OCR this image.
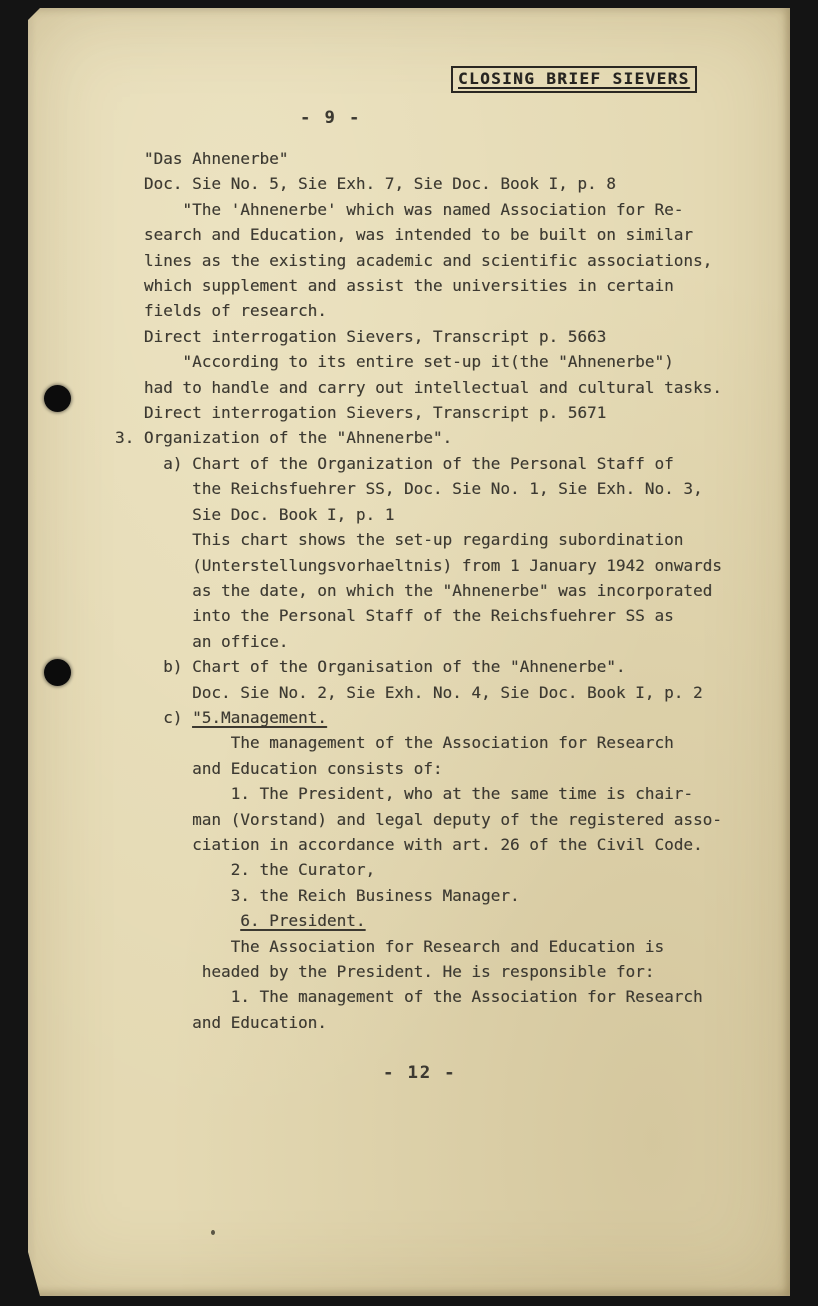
CLOSING BRIEF SIEVERS
- 9 -
"Das Ahnenerbe"
Doc. Sie No. 5, Sie Exh. 7, Sie Doc. Book I, p. 8
"The 'Ahnenerbe' which was named Association for Re-
search and Education, was intended to be built on similar
lines as the existing academic and scientific associations,
which supplement and assist the universities in certain
fields of research.
Direct interrogation Sievers, Transcript p. 5663
"According to its entire set-up it(the "Ahnenerbe")
had to handle and carry out intellectual and cultural tasks.
Direct interrogation Sievers, Transcript p. 5671
3. Organization of the "Ahnenerbe".
a) Chart of the Organization of the Personal Staff of
the Reichsfuehrer SS, Doc. Sie No. 1, Sie Exh. No. 3,
Sie Doc. Book I, p. 1
This chart shows the set-up regarding subordination
(Unterstellungsvorhaeltnis) from 1 January 1942 onwards
as the date, on which the "Ahnenerbe" was incorporated
into the Personal Staff of the Reichsfuehrer SS as
an office.
b) Chart of the Organisation of the "Ahnenerbe".
Doc. Sie No. 2, Sie Exh. No. 4, Sie Doc. Book I, p. 2
c) "5.Management.
The management of the Association for Research
and Education consists of:
1. The President, who at the same time is chair-
man (Vorstand) and legal deputy of the registered asso-
ciation in accordance with art. 26 of the Civil Code.
2. the Curator,
3. the Reich Business Manager.
6. President.
The Association for Research and Education is
headed by the President. He is responsible for:
1. The management of the Association for Research
and Education.
- 12 -
